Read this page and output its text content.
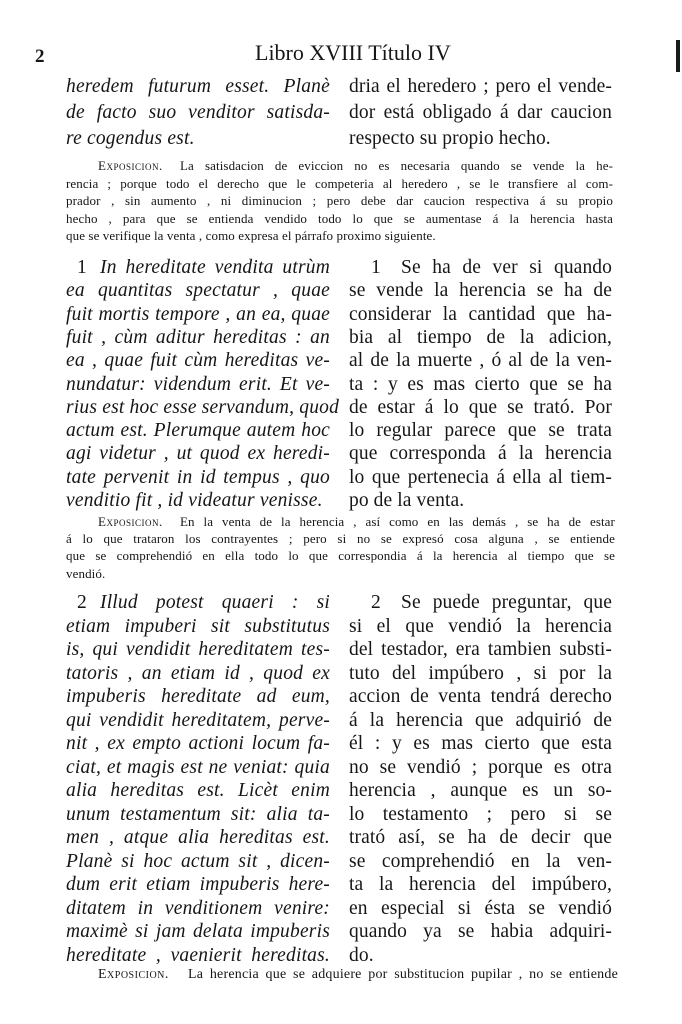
2	Libro XVIII Título IV
heredem futurum esset. Planè
de facto suo venditor satisda-
re cogendus est.
dria el heredero ; pero el vende-
dor está obligado á dar caucion
respecto su propio hecho.
Exposicion. La satisdacion de eviccion no es necesaria quando se vende la he-
rencia ; porque todo el derecho que le competeria al heredero , se le transfiere al com-
prador , sin aumento , ni diminucion ; pero debe dar caucion respectiva á su propio
hecho , para que se entienda vendido todo lo que se aumentase á la herencia hasta
que se verifique la venta , como expresa el párrafo proximo siguiente.
1 In hereditate vendita utrùm
ea quantitas spectatur , quae
fuit mortis tempore , an ea, quae
fuit , cùm aditur hereditas : an
ea , quae fuit cùm hereditas ve-
nundatur: videndum erit. Et ve-
rius est hoc esse servandum, quod
actum est. Plerumque autem hoc
agi videtur , ut quod ex heredi-
tate pervenit in id tempus , quo
venditio fit , id videatur venisse.
1 Se ha de ver si quando
se vende la herencia se ha de
considerar la cantidad que ha-
bia al tiempo de la adicion,
al de la muerte , ó al de la ven-
ta : y es mas cierto que se ha
de estar á lo que se trató. Por
lo regular parece que se trata
que corresponda á la herencia
lo que pertenecia á ella al tiem-
po de la venta.
Exposicion. En la venta de la herencia , así como en las demás , se ha de estar
á lo que trataron los contrayentes ; pero si no se expresó cosa alguna , se entiende
que se comprehendió en ella todo lo que correspondia á la herencia al tiempo que se
vendió.
2 Illud potest quaeri : si
etiam impuberi sit substitutus
is, qui vendidit hereditatem tes-
tatoris , an etiam id , quod ex
impuberis hereditate ad eum,
qui vendidit hereditatem, perve-
nit , ex empto actioni locum fa-
ciat, et magis est ne veniat: quia
alia hereditas est. Licèt enim
unum testamentum sit: alia ta-
men , atque alia hereditas est.
Planè si hoc actum sit , dicen-
dum erit etiam impuberis here-
ditatem in venditionem venire:
maximè si jam delata impuberis
hereditate , vaenierit hereditas.
2 Se puede preguntar, que
si el que vendió la herencia
del testador, era tambien substi-
tuto del impúbero , si por la
accion de venta tendrá derecho
á la herencia que adquirió de
él : y es mas cierto que esta
no se vendió ; porque es otra
herencia , aunque es un so-
lo testamento ; pero si se
trató así, se ha de decir que
se comprehendió en la ven-
ta la herencia del impúbero,
en especial si ésta se vendió
quando ya se habia adquiri-
do.
Exposicion. La herencia que se adquiere por substitucion pupilar , no se entiende
